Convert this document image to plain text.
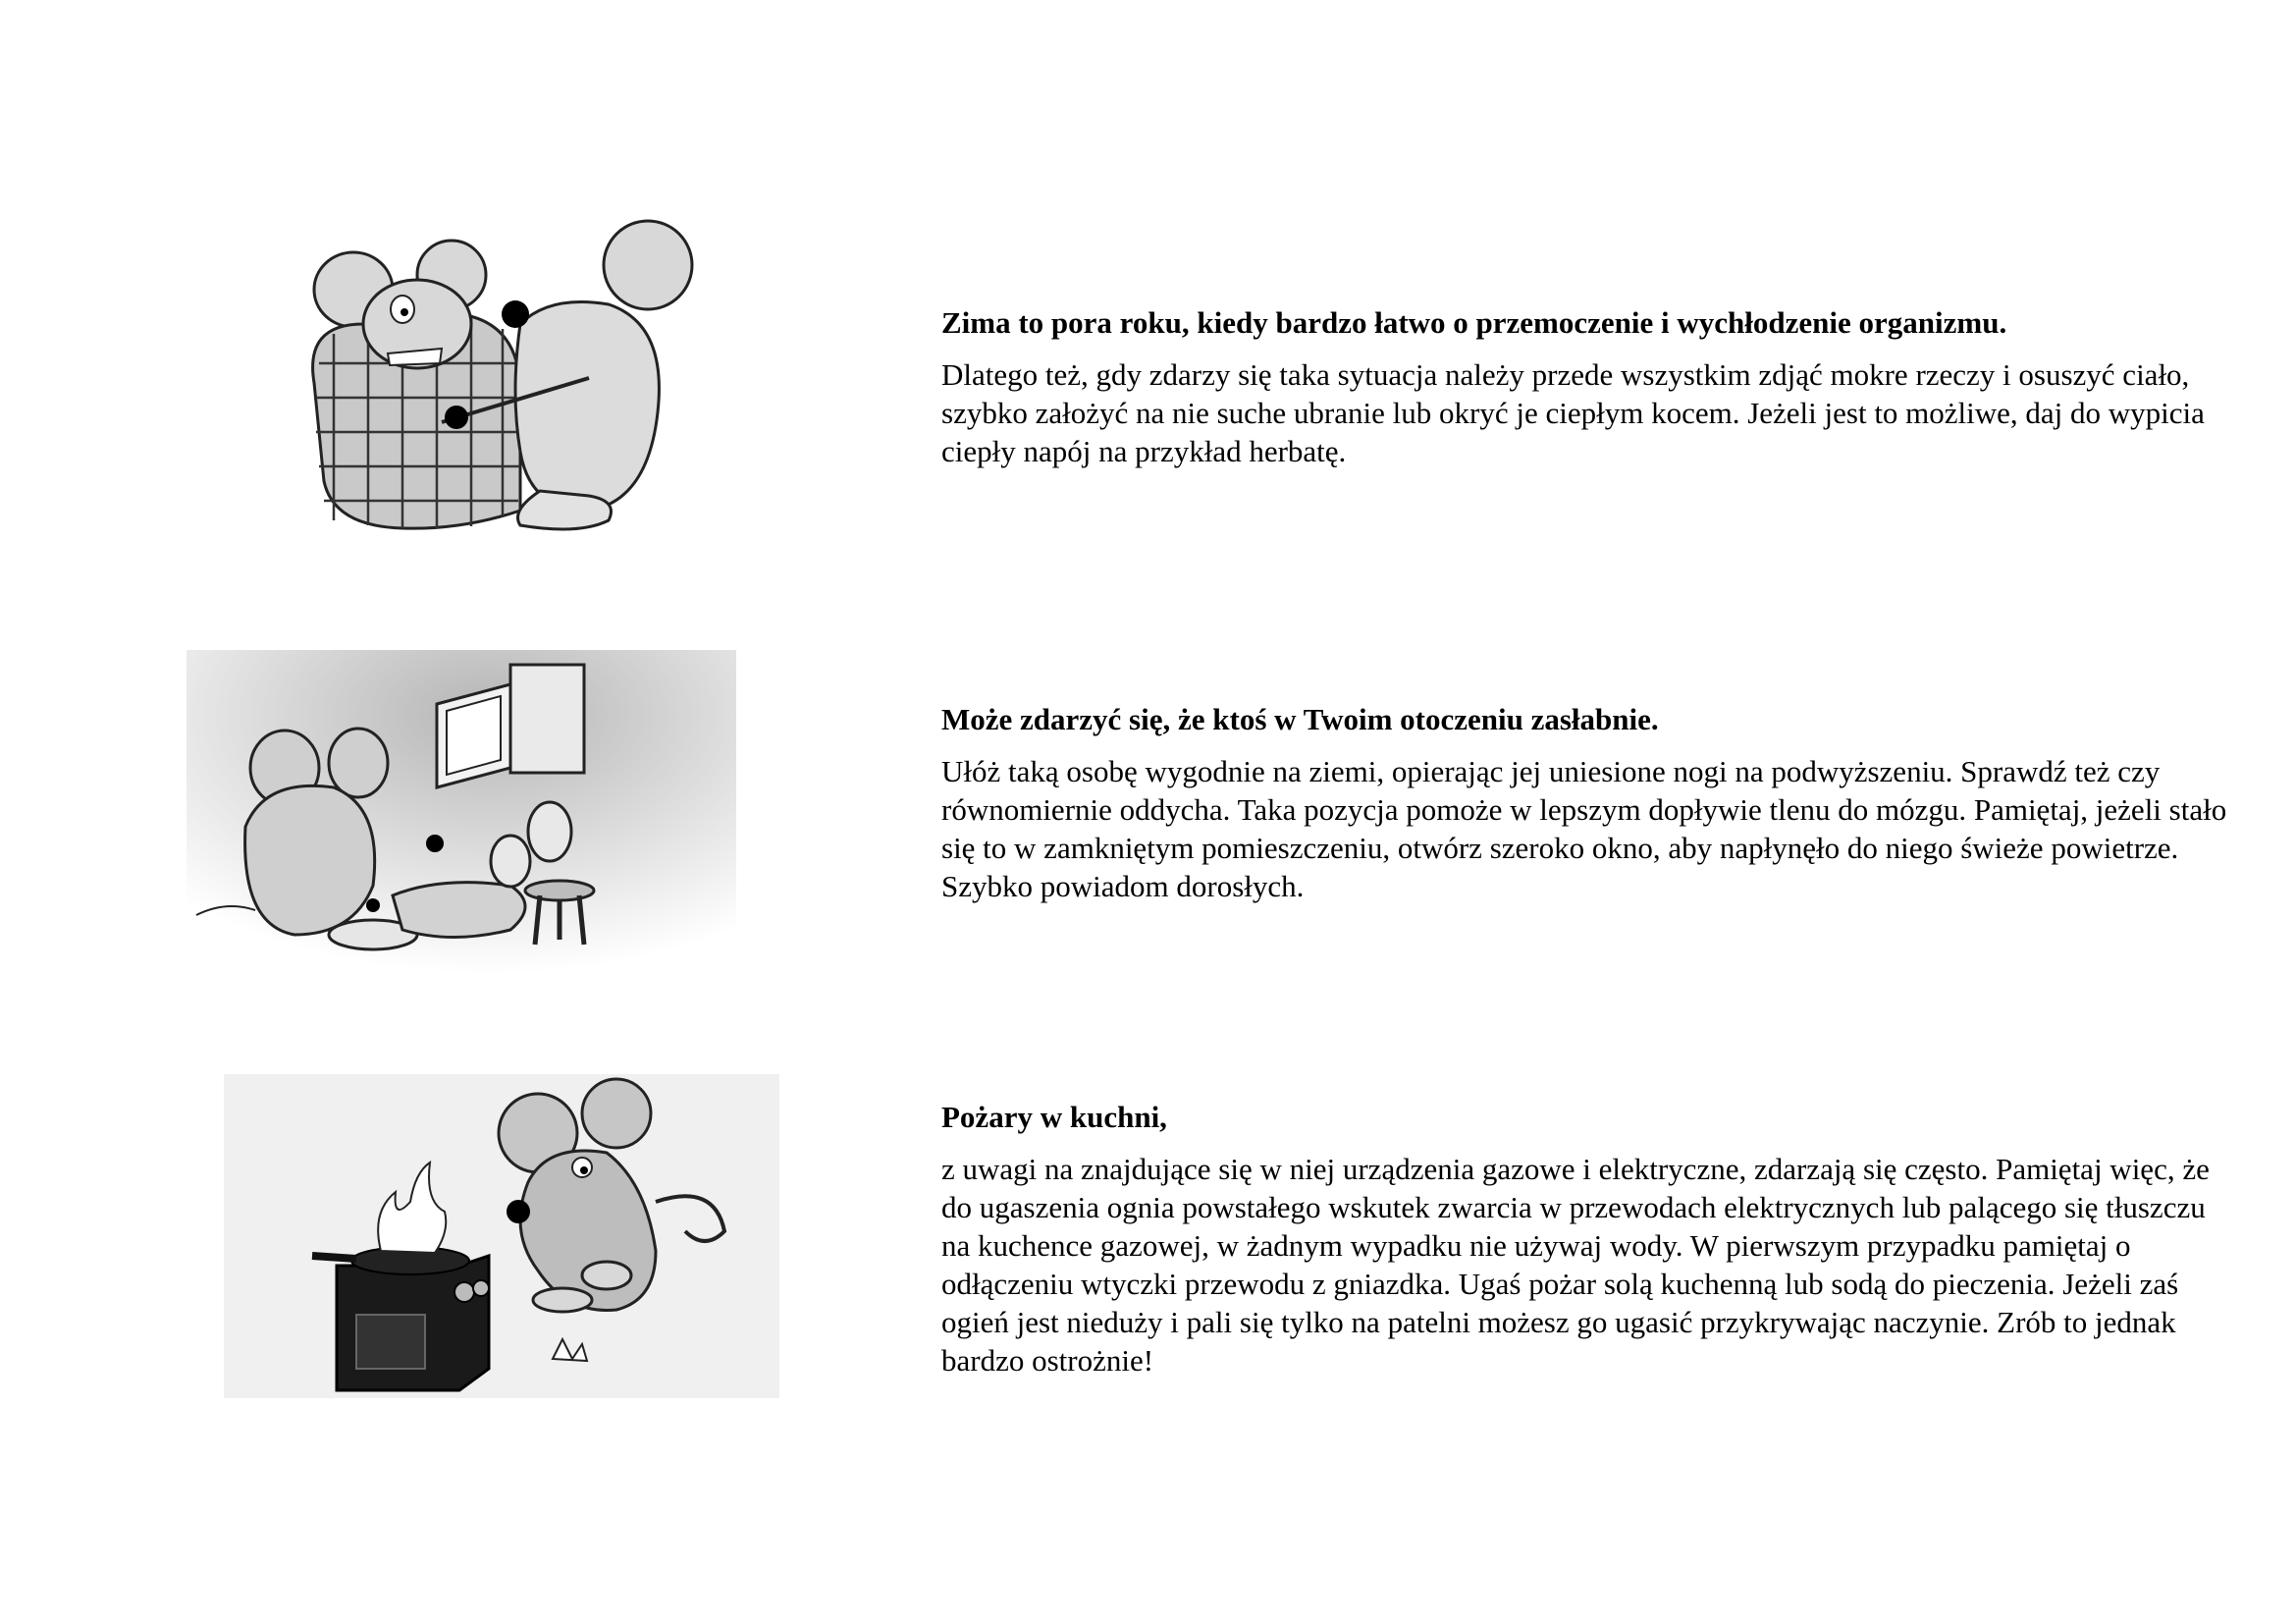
Zima to pora roku, kiedy bardzo łatwo o przemoczenie i wychłodzenie organizmu.

Dlatego też, gdy zdarzy się taka sytuacja należy przede wszystkim zdjąć mokre rzeczy i osuszyć ciało, szybko założyć na nie suche ubranie lub okryć je ciepłym kocem. Jeżeli jest to możliwe, daj do wypicia ciepły napój na przykład herbatę.

Może zdarzyć się, że ktoś w Twoim otoczeniu zasłabnie.

Ułóż taką osobę wygodnie na ziemi, opierając jej uniesione nogi na podwyższeniu. Sprawdź też czy równomiernie oddycha. Taka pozycja pomoże w lepszym dopływie tlenu do mózgu. Pamiętaj, jeżeli stało się to w zamkniętym pomieszczeniu, otwórz szeroko okno, aby napłynęło do niego świeże powietrze. Szybko powiadom dorosłych.

Pożary w kuchni,

z uwagi na znajdujące się w niej urządzenia gazowe i elektryczne, zdarzają się często. Pamiętaj więc, że do ugaszenia ognia powstałego wskutek zwarcia w przewodach elektrycznych lub palącego się tłuszczu na kuchence gazowej, w żadnym wypadku nie używaj wody. W pierwszym przypadku pamiętaj o odłączeniu wtyczki przewodu z gniazdka. Ugaś pożar solą kuchenną lub sodą do pieczenia. Jeżeli zaś ogień jest nieduży i pali się tylko na patelni możesz go ugasić przykrywając naczynie. Zrób to jednak bardzo ostrożnie!
